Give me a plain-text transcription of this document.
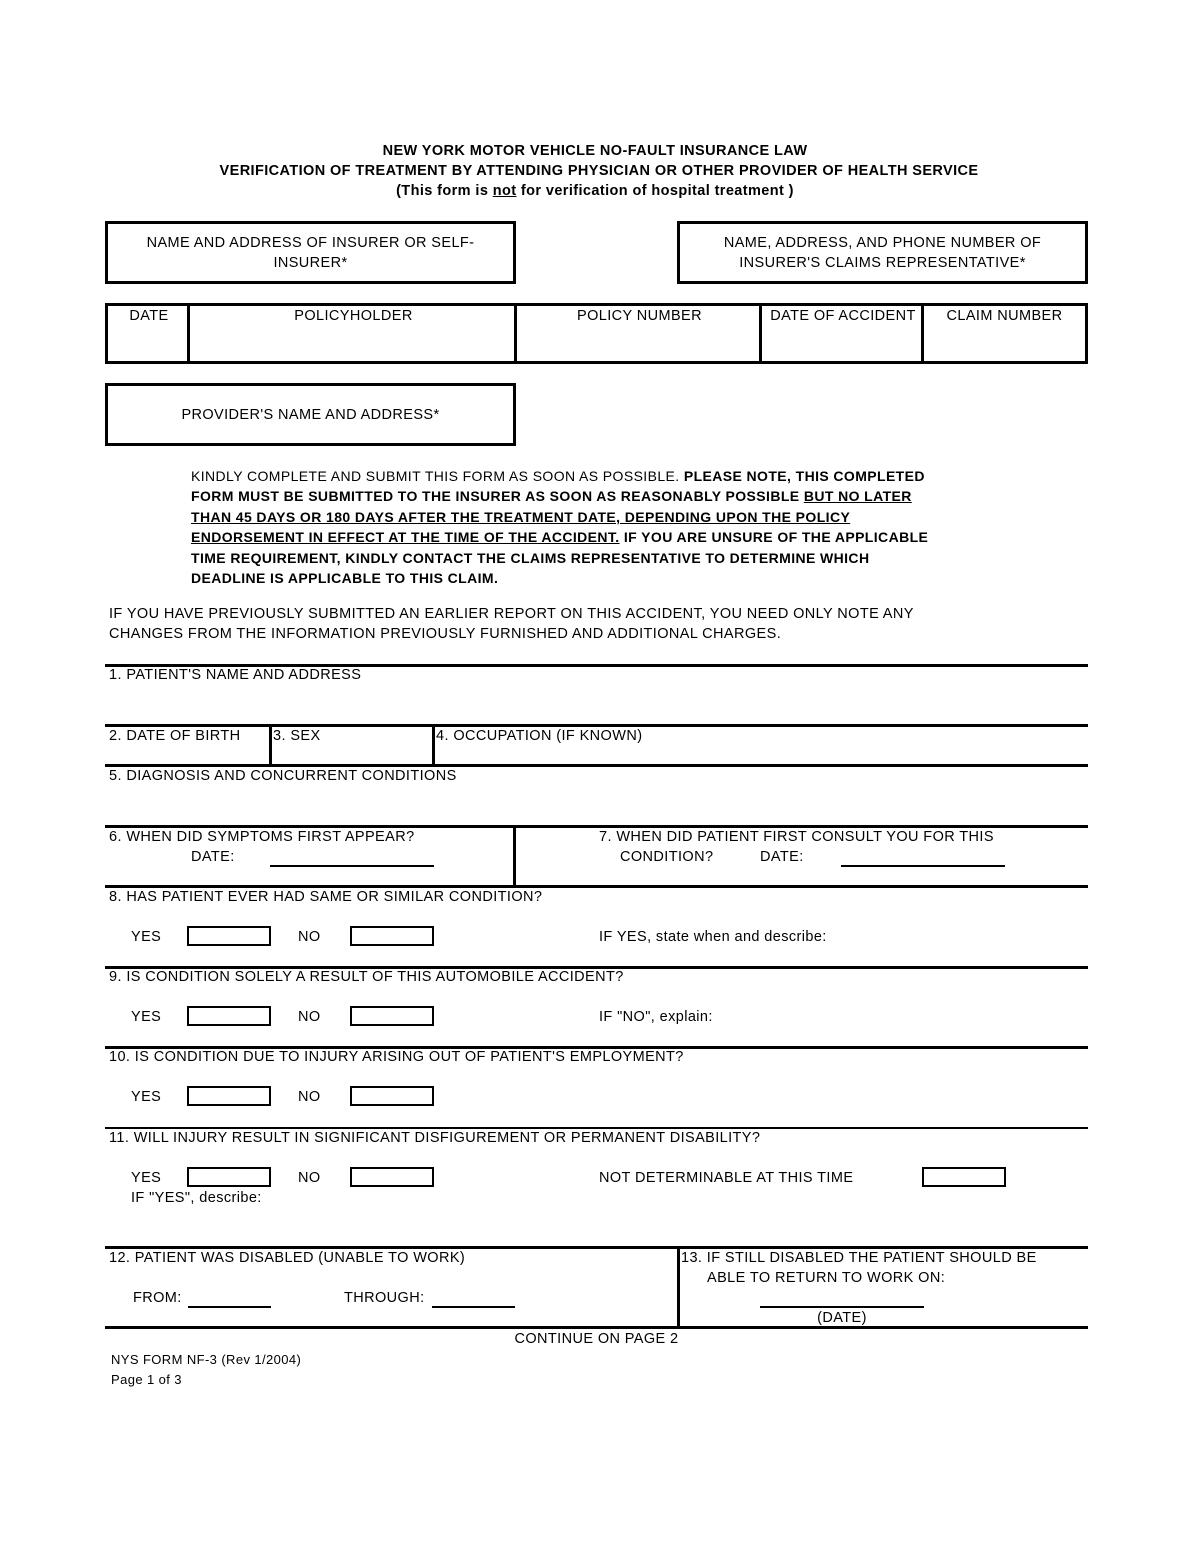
NEW YORK MOTOR VEHICLE NO-FAULT INSURANCE LAW
VERIFICATION OF TREATMENT BY ATTENDING PHYSICIAN OR OTHER PROVIDER OF HEALTH SERVICE
(This form is not for verification of hospital treatment )
NAME AND ADDRESS OF INSURER OR SELF-
INSURER*
NAME, ADDRESS, AND PHONE NUMBER OF
INSURER'S CLAIMS REPRESENTATIVE*
DATE	POLICYHOLDER	POLICY NUMBER	DATE OF ACCIDENT	CLAIM NUMBER
PROVIDER'S NAME AND ADDRESS*
KINDLY COMPLETE AND SUBMIT THIS FORM AS SOON AS POSSIBLE. PLEASE NOTE, THIS COMPLETED
FORM MUST BE SUBMITTED TO THE INSURER AS SOON AS REASONABLY POSSIBLE BUT NO LATER
THAN 45 DAYS OR 180 DAYS AFTER THE TREATMENT DATE, DEPENDING UPON THE POLICY
ENDORSEMENT IN EFFECT AT THE TIME OF THE ACCIDENT. IF YOU ARE UNSURE OF THE APPLICABLE
TIME REQUIREMENT, KINDLY CONTACT THE CLAIMS REPRESENTATIVE TO DETERMINE WHICH
DEADLINE IS APPLICABLE TO THIS CLAIM.
IF YOU HAVE PREVIOUSLY SUBMITTED AN EARLIER REPORT ON THIS ACCIDENT, YOU NEED ONLY NOTE ANY
CHANGES FROM THE INFORMATION PREVIOUSLY FURNISHED AND ADDITIONAL CHARGES.
1. PATIENT'S NAME AND ADDRESS
2. DATE OF BIRTH 3. SEX	4. OCCUPATION (IF KNOWN)
5. DIAGNOSIS AND CONCURRENT CONDITIONS
6. WHEN DID SYMPTOMS FIRST APPEAR?
DATE:
7. WHEN DID PATIENT FIRST CONSULT YOU FOR THIS
CONDITION?	DATE:
8. HAS PATIENT EVER HAD SAME OR SIMILAR CONDITION?
YES	NO	IF YES, state when and describe:
9. IS CONDITION SOLELY A RESULT OF THIS AUTOMOBILE ACCIDENT?
YES	NO	IF "NO", explain:
10. IS CONDITION DUE TO INJURY ARISING OUT OF PATIENT'S EMPLOYMENT?
YES	NO
11. WILL INJURY RESULT IN SIGNIFICANT DISFIGUREMENT OR PERMANENT DISABILITY?
YES	NO	NOT DETERMINABLE AT THIS TIME
IF "YES", describe:
12. PATIENT WAS DISABLED (UNABLE TO WORK)
FROM:	THROUGH:
13. IF STILL DISABLED THE PATIENT SHOULD BE
ABLE TO RETURN TO WORK ON:
(DATE)
CONTINUE ON PAGE 2
NYS FORM NF-3 (Rev 1/2004)
Page 1 of 3
